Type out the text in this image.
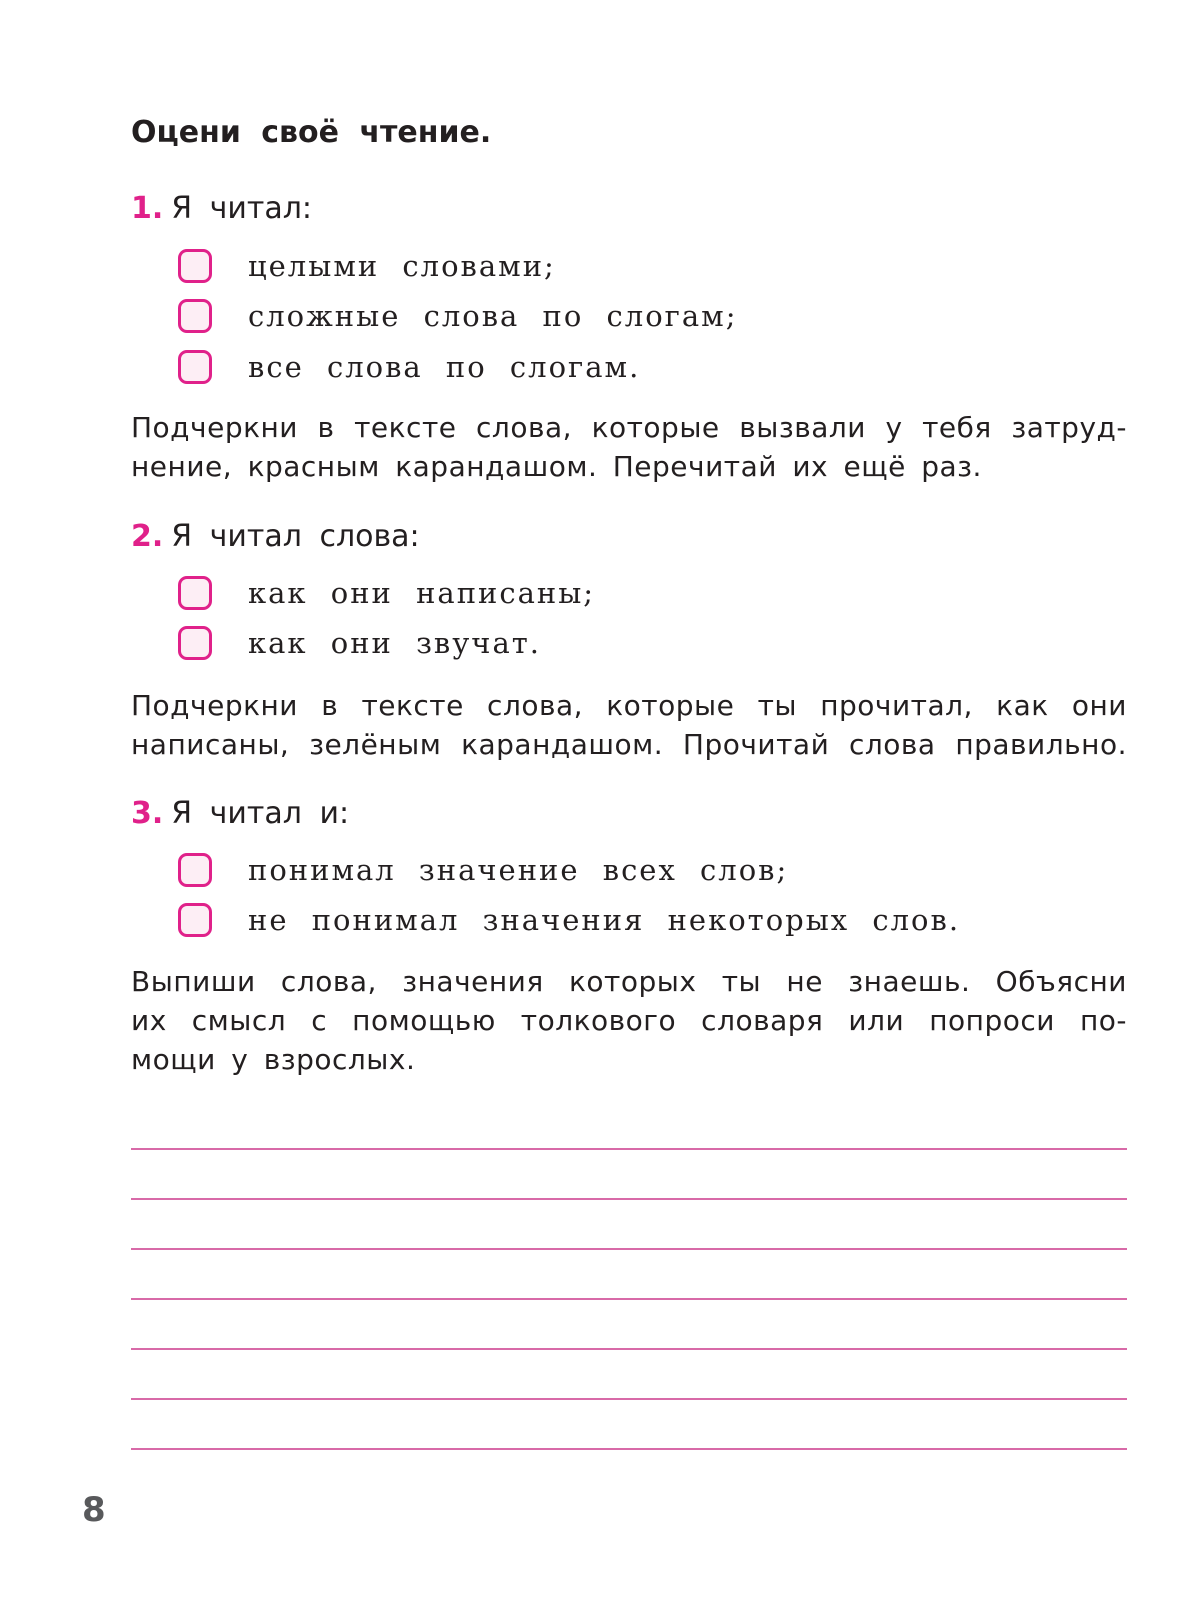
Оцени своё чтение.
1. Я читал:
целыми словами;
сложные слова по слогам;
все слова по слогам.
Подчеркни в тексте слова, которые вызвали у тебя затруд-
нение, красным карандашом. Перечитай их ещё раз.
2. Я читал слова:
как они написаны;
как они звучат.
Подчеркни в тексте слова, которые ты прочитал, как они
написаны, зелёным карандашом. Прочитай слова правильно.
3. Я читал и:
понимал значение всех слов;
не понимал значения некоторых слов.
Выпиши слова, значения которых ты не знаешь. Объясни
их смысл с помощью толкового словаря или попроси по-
мощи у взрослых.
8
